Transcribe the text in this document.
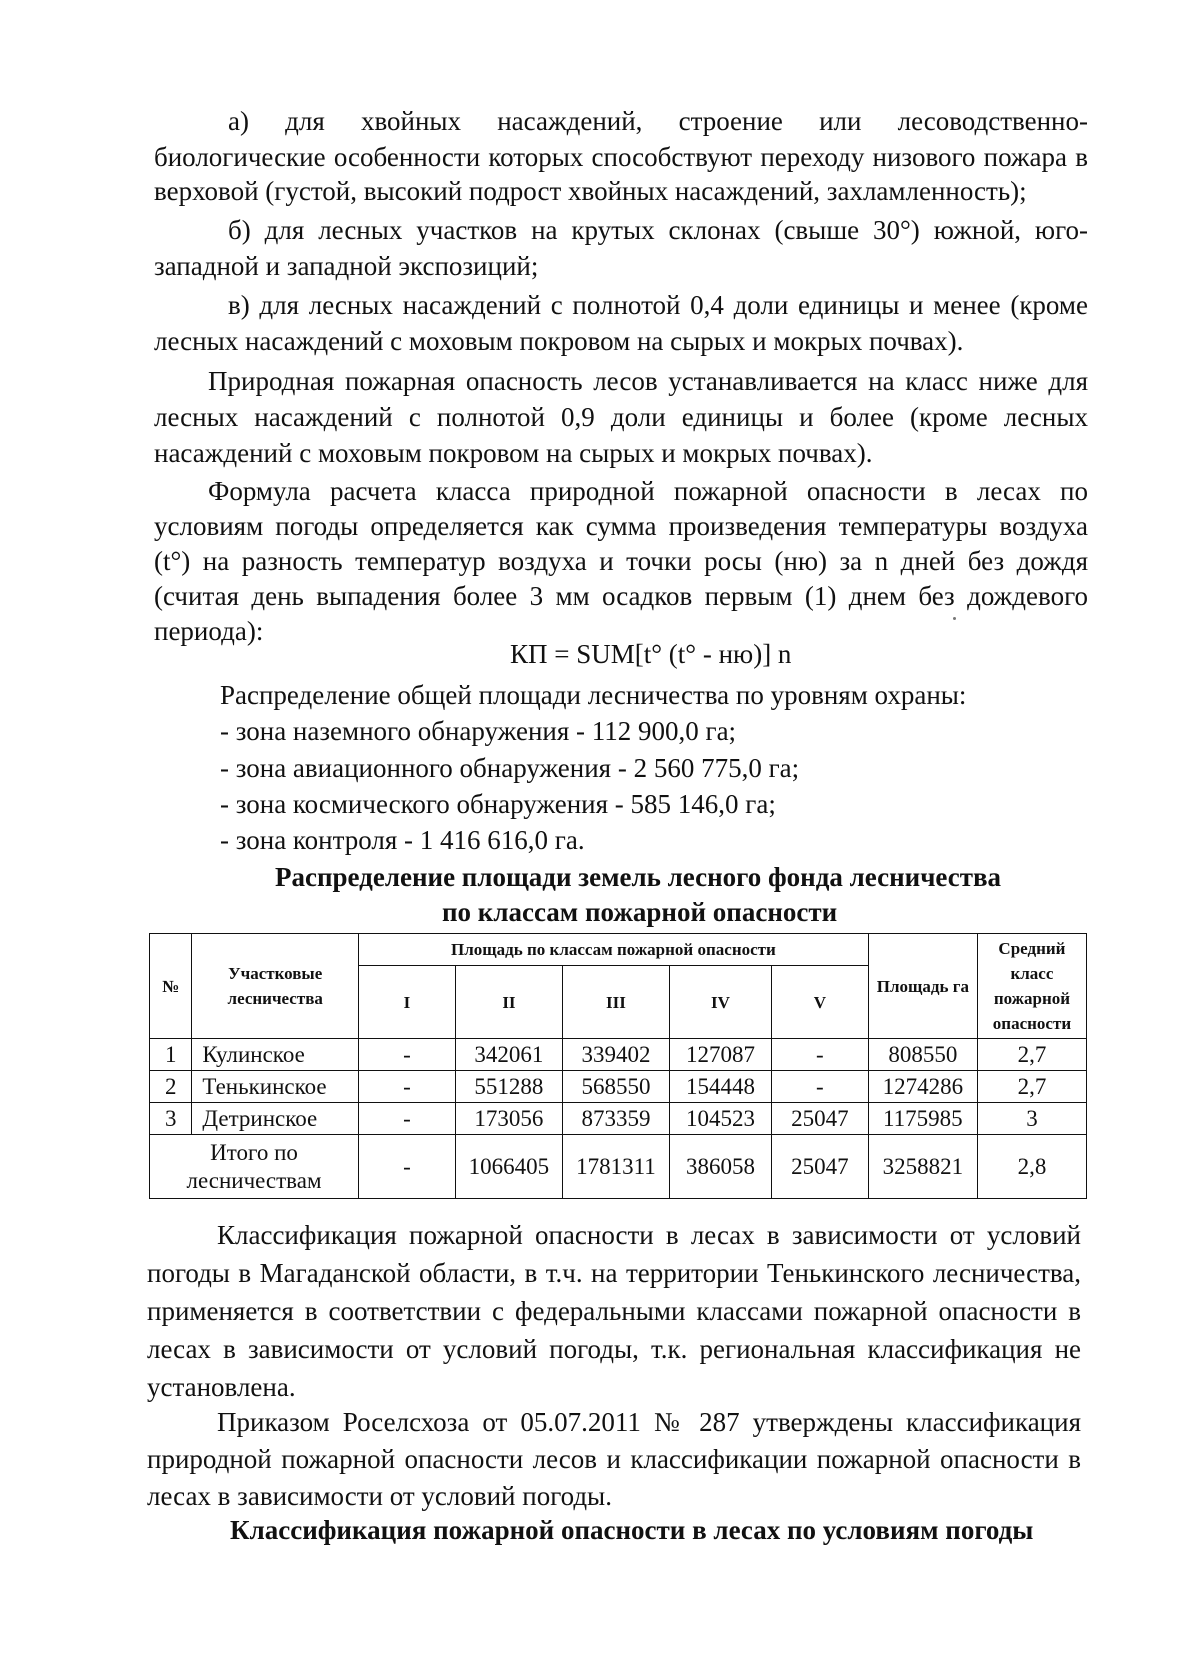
а) для хвойных насаждений, строение или лесоводственно-
биологические особенности которых способствуют переходу низового пожара в верховой (густой, высокий подрост хвойных насаждений, захламленность);
б) для лесных участков на крутых склонах (свыше 30°) южной, юго-
западной и западной экспозиций;
в) для лесных насаждений с полнотой 0,4 доли единицы и менее (кроме
лесных насаждений с моховым покровом на сырых и мокрых почвах).
Природная пожарная опасность лесов устанавливается на класс ниже для лесных насаждений с полнотой 0,9 доли единицы и более (кроме лесных насаждений с моховым покровом на сырых и мокрых почвах).
Формула расчета класса природной пожарной опасности в лесах по условиям погоды определяется как сумма произведения температуры воздуха (t°) на разность температур воздуха и точки росы (ню) за n дней без дождя (считая день выпадения более 3 мм осадков первым (1) днем без дождевого периода):
КП = SUM[t° (t° - ню)] n
Распределение общей площади лесничества по уровням охраны:
- зона наземного обнаружения - 112 900,0 га;
- зона авиационного обнаружения - 2 560 775,0 га;
- зона космического обнаружения - 585 146,0 га;
- зона контроля - 1 416 616,0 га.
Распределение площади земель лесного фонда лесничества
по классам пожарной опасности
№	Участковые лесничества	Площадь по классам пожарной опасности					Площадь га	Средний класс пожарной опасности
		I	II	III	IV	V		
1	Кулинское	-	342061	339402	127087	-	808550	2,7
2	Тенькинское	-	551288	568550	154448	-	1274286	2,7
3	Детринское	-	173056	873359	104523	25047	1175985	3
Итого по лесничествам		-	1066405	1781311	386058	25047	3258821	2,8
Классификация пожарной опасности в лесах в зависимости от условий погоды в Магаданской области, в т.ч. на территории Тенькинского лесничества, применяется в соответствии с федеральными классами пожарной опасности в лесах в зависимости от условий погоды, т.к. региональная классификация не установлена.
Приказом Роселсхоза от 05.07.2011 № 287 утверждены классификация природной пожарной опасности лесов и классификации пожарной опасности в лесах в зависимости от условий погоды.
Классификация пожарной опасности в лесах по условиям погоды
